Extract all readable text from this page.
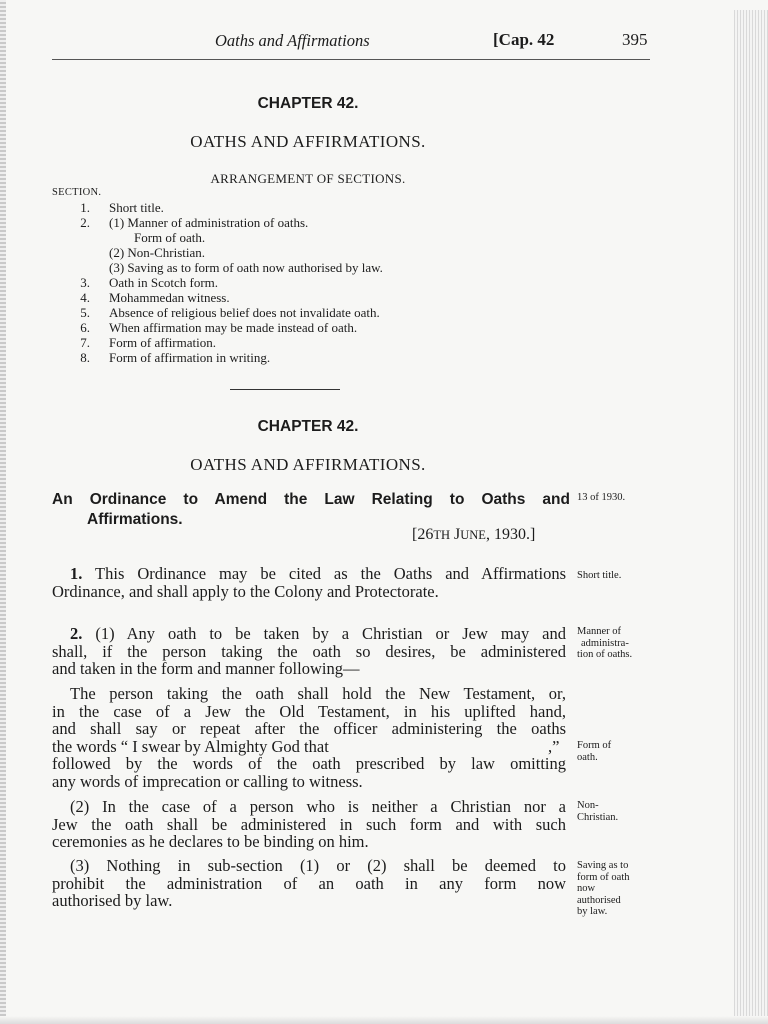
Oaths and Affirmations	[Cap. 42	395
CHAPTER 42.
OATHS AND AFFIRMATIONS.
ARRANGEMENT OF SECTIONS.
SECTION.
1. Short title.
2. (1) Manner of administration of oaths.
Form of oath.
(2) Non-Christian.
(3) Saving as to form of oath now authorised by law.
3. Oath in Scotch form.
4. Mohammedan witness.
5. Absence of religious belief does not invalidate oath.
6. When affirmation may be made instead of oath.
7. Form of affirmation.
8. Form of affirmation in writing.
CHAPTER 42.
OATHS AND AFFIRMATIONS.
An Ordinance to Amend the Law Relating to Oaths and
Affirmations.
13 of 1930.
[26TH JUNE, 1930.]
1. This Ordinance may be cited as the Oaths and Affirmations
Ordinance, and shall apply to the Colony and Protectorate.
Short title.
2. (1) Any oath to be taken by a Christian or Jew may and
shall, if the person taking the oath so desires, be administered
and taken in the form and manner following—
Manner of
administra-
tion of oaths.
The person taking the oath shall hold the New Testament, or,
in the case of a Jew the Old Testament, in his uplifted hand,
and shall say or repeat after the officer administering the oaths
the words “ I swear by Almighty God that	,”
followed by the words of the oath prescribed by law omitting
any words of imprecation or calling to witness.
Form of
oath.
(2) In the case of a person who is neither a Christian nor a
Jew the oath shall be administered in such form and with such
ceremonies as he declares to be binding on him.
Non-
Christian.
(3) Nothing in sub-section (1) or (2) shall be deemed to
prohibit the administration of an oath in any form now
authorised by law.
Saving as to
form of oath
now
authorised
by law.
